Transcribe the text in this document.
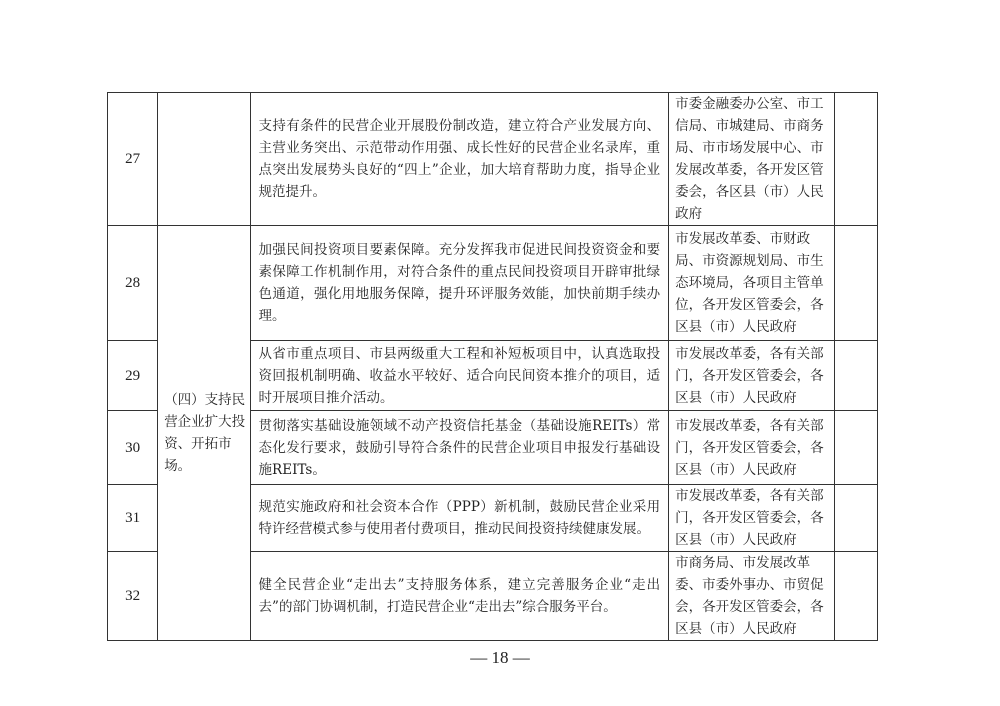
27		支持有条件的民营企业开展股份制改造，建立符合产业发展方向、主营业务突出、示范带动作用强、成长性好的民营企业名录库，重点突出发展势头良好的“四上”企业，加大培育帮助力度，指导企业规范提升。	市委金融委办公室、市工信局、市城建局、市商务局、市市场发展中心、市发展改革委，各开发区管委会，各区县（市）人民政府	
28	（四）支持民营企业扩大投资、开拓市场。	加强民间投资项目要素保障。充分发挥我市促进民间投资资金和要素保障工作机制作用，对符合条件的重点民间投资项目开辟审批绿色通道，强化用地服务保障，提升环评服务效能，加快前期手续办理。	市发展改革委、市财政局、市资源规划局、市生态环境局，各项目主管单位，各开发区管委会，各区县（市）人民政府	
29		从省市重点项目、市县两级重大工程和补短板项目中，认真选取投资回报机制明确、收益水平较好、适合向民间资本推介的项目，适时开展项目推介活动。	市发展改革委，各有关部门，各开发区管委会，各区县（市）人民政府	
30		贯彻落实基础设施领域不动产投资信托基金（基础设施REITs）常态化发行要求，鼓励引导符合条件的民营企业项目申报发行基础设施REITs。	市发展改革委，各有关部门，各开发区管委会，各区县（市）人民政府	
31		规范实施政府和社会资本合作（PPP）新机制，鼓励民营企业采用特许经营模式参与使用者付费项目，推动民间投资持续健康发展。	市发展改革委，各有关部门，各开发区管委会，各区县（市）人民政府	
32		健全民营企业“走出去”支持服务体系，建立完善服务企业“走出去”的部门协调机制，打造民营企业“走出去”综合服务平台。	市商务局、市发展改革委、市委外事办、市贸促会，各开发区管委会，各区县（市）人民政府	
— 18 —
